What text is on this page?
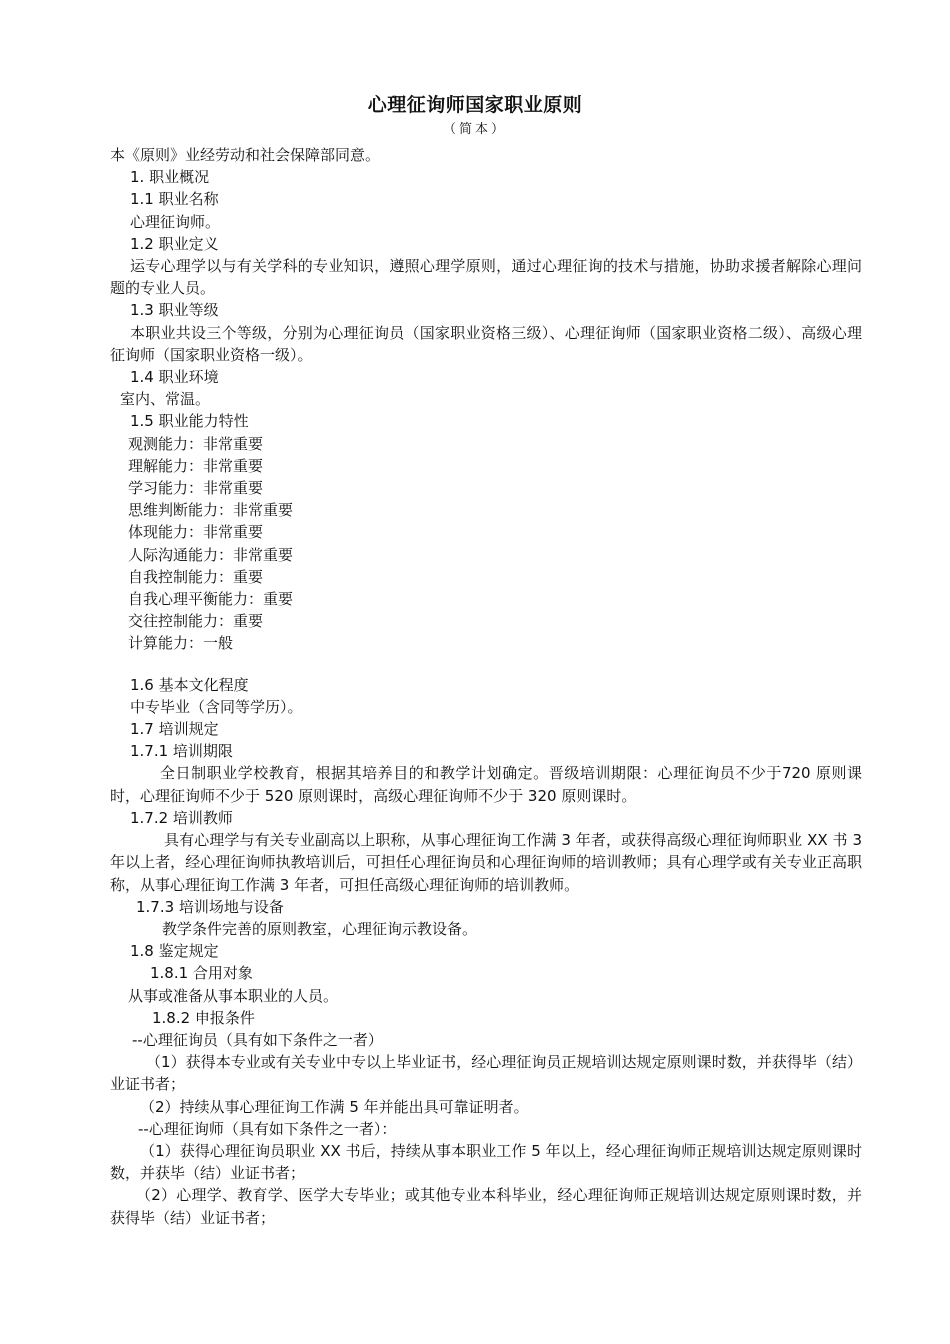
心理征询师国家职业原则
（简本）
本《原则》业经劳动和社会保障部同意。
1. 职业概况
1.1 职业名称
心理征询师。
1.2 职业定义
运专心理学以与有关学科的专业知识，遵照心理学原则，通过心理征询的技术与措施，协助求援者解除心理问题的专业人员。
1.3 职业等级
本职业共设三个等级，分别为心理征询员（国家职业资格三级）、心理征询师（国家职业资格二级）、高级心理征询师（国家职业资格一级）。
1.4 职业环境
室内、常温。
1.5 职业能力特性
观测能力：非常重要
理解能力：非常重要
学习能力：非常重要
思维判断能力：非常重要
体现能力：非常重要
人际沟通能力：非常重要
自我控制能力：重要
自我心理平衡能力：重要
交往控制能力：重要
计算能力：一般
1.6 基本文化程度
中专毕业（含同等学历）。
1.7 培训规定
1.7.1 培训期限
全日制职业学校教育，根据其培养目的和教学计划确定。晋级培训期限：心理征询员不少于720 原则课时，心理征询师不少于 520 原则课时，高级心理征询师不少于 320 原则课时。
1.7.2 培训教师
具有心理学与有关专业副高以上职称，从事心理征询工作满 3 年者，或获得高级心理征询师职业 XX 书 3 年以上者，经心理征询师执教培训后，可担任心理征询员和心理征询师的培训教师；具有心理学或有关专业正高职称，从事心理征询工作满 3 年者，可担任高级心理征询师的培训教师。
1.7.3 培训场地与设备
教学条件完善的原则教室，心理征询示教设备。
1.8 鉴定规定
1.8.1 合用对象
从事或准备从事本职业的人员。
1.8.2 申报条件
--心理征询员（具有如下条件之一者）
（1）获得本专业或有关专业中专以上毕业证书，经心理征询员正规培训达规定原则课时数，并获得毕（结）业证书者；
（2）持续从事心理征询工作满 5 年并能出具可靠证明者。
--心理征询师（具有如下条件之一者）：
（1）获得心理征询员职业 XX 书后，持续从事本职业工作 5 年以上，经心理征询师正规培训达规定原则课时数，并获毕（结）业证书者；
（2）心理学、教育学、医学大专毕业；或其他专业本科毕业，经心理征询师正规培训达规定原则课时数，并获得毕（结）业证书者；
